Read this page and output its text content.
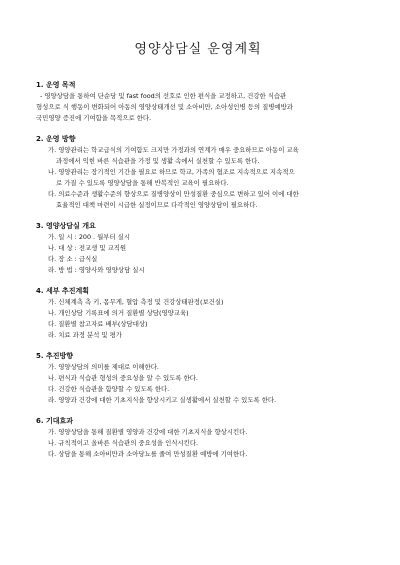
영양상담실 운영계획
1. 운영 목적
- 영양상담을 통하여 단순당 및 fast food의 선호로 인한 편식을 교정하고, 건강한 식습관
형성으로 식 행동이 변화되어 아동의 영양상태개선 및 소아비만, 소아성인병 등의 질병예방과
국민영양 증진에 기여함을 목적으로 한다.
2. 운영 방향
가. 영양관리는 학교급식의 기여함도 크지만 가정과의 연계가 매우 중요하므로 아동이 교육
과정에서 익힌 바른 식습관을 가정 및 생활 속에서 실천할 수 있도록 한다.
나. 영양관리는 장기적인 기간을 필요로 하므로 학교, 가족의 협조로 지속적으로 지속적으
로 가질 수 있도록 영양상담을 통해 반복적인 교육이 필요하다.
다. 의료수준과 생활수준의 향상으로 질병양상이 만성질환 중심으로 변하고 있어 이에 대한
효율적인 대책 마련이 시급한 실정이므로 다각적인 영양상담이 필요하다.
3. 영양상담실 개요
가. 일 시 : 200 . 월부터 실시
나. 대 상 : 전교생 및 교직원
다. 장 소 : 급식실
라. 방 법 : 영양사와 영양상담 실시
4. 세부 추진계획
가. 신체계측 측 키, 몸무게, 혈압 측정 및 건강상태판정(보건실)
나. 개인상담 기록표에 의거 질환별 상담(영양교육)
다. 질환별 참고자료 배부(상담대상)
라. 치료 과정 분석 및 평가
5. 추진방향
가. 영양상담의 의미를 제대로 이해한다.
나. 편식과 식습관 형성의 중요성을 알 수 있도록 한다.
다. 건강한 식습관을 함양할 수 있도록 한다.
라. 영양과 건강에 대한 기초지식을 향상시키고 실생활에서 실천할 수 있도록 한다.
6. 기대효과
가. 영양상담을 통해 질환별 영양과 건강에 대한 기초지식을 향상시킨다.
나. 규칙적이고 올바른 식습관의 중요성을 인식시킨다.
다. 상담을 통해 소아비만과 소아당뇨를 줄여 만성질환 예방에 기여한다.
